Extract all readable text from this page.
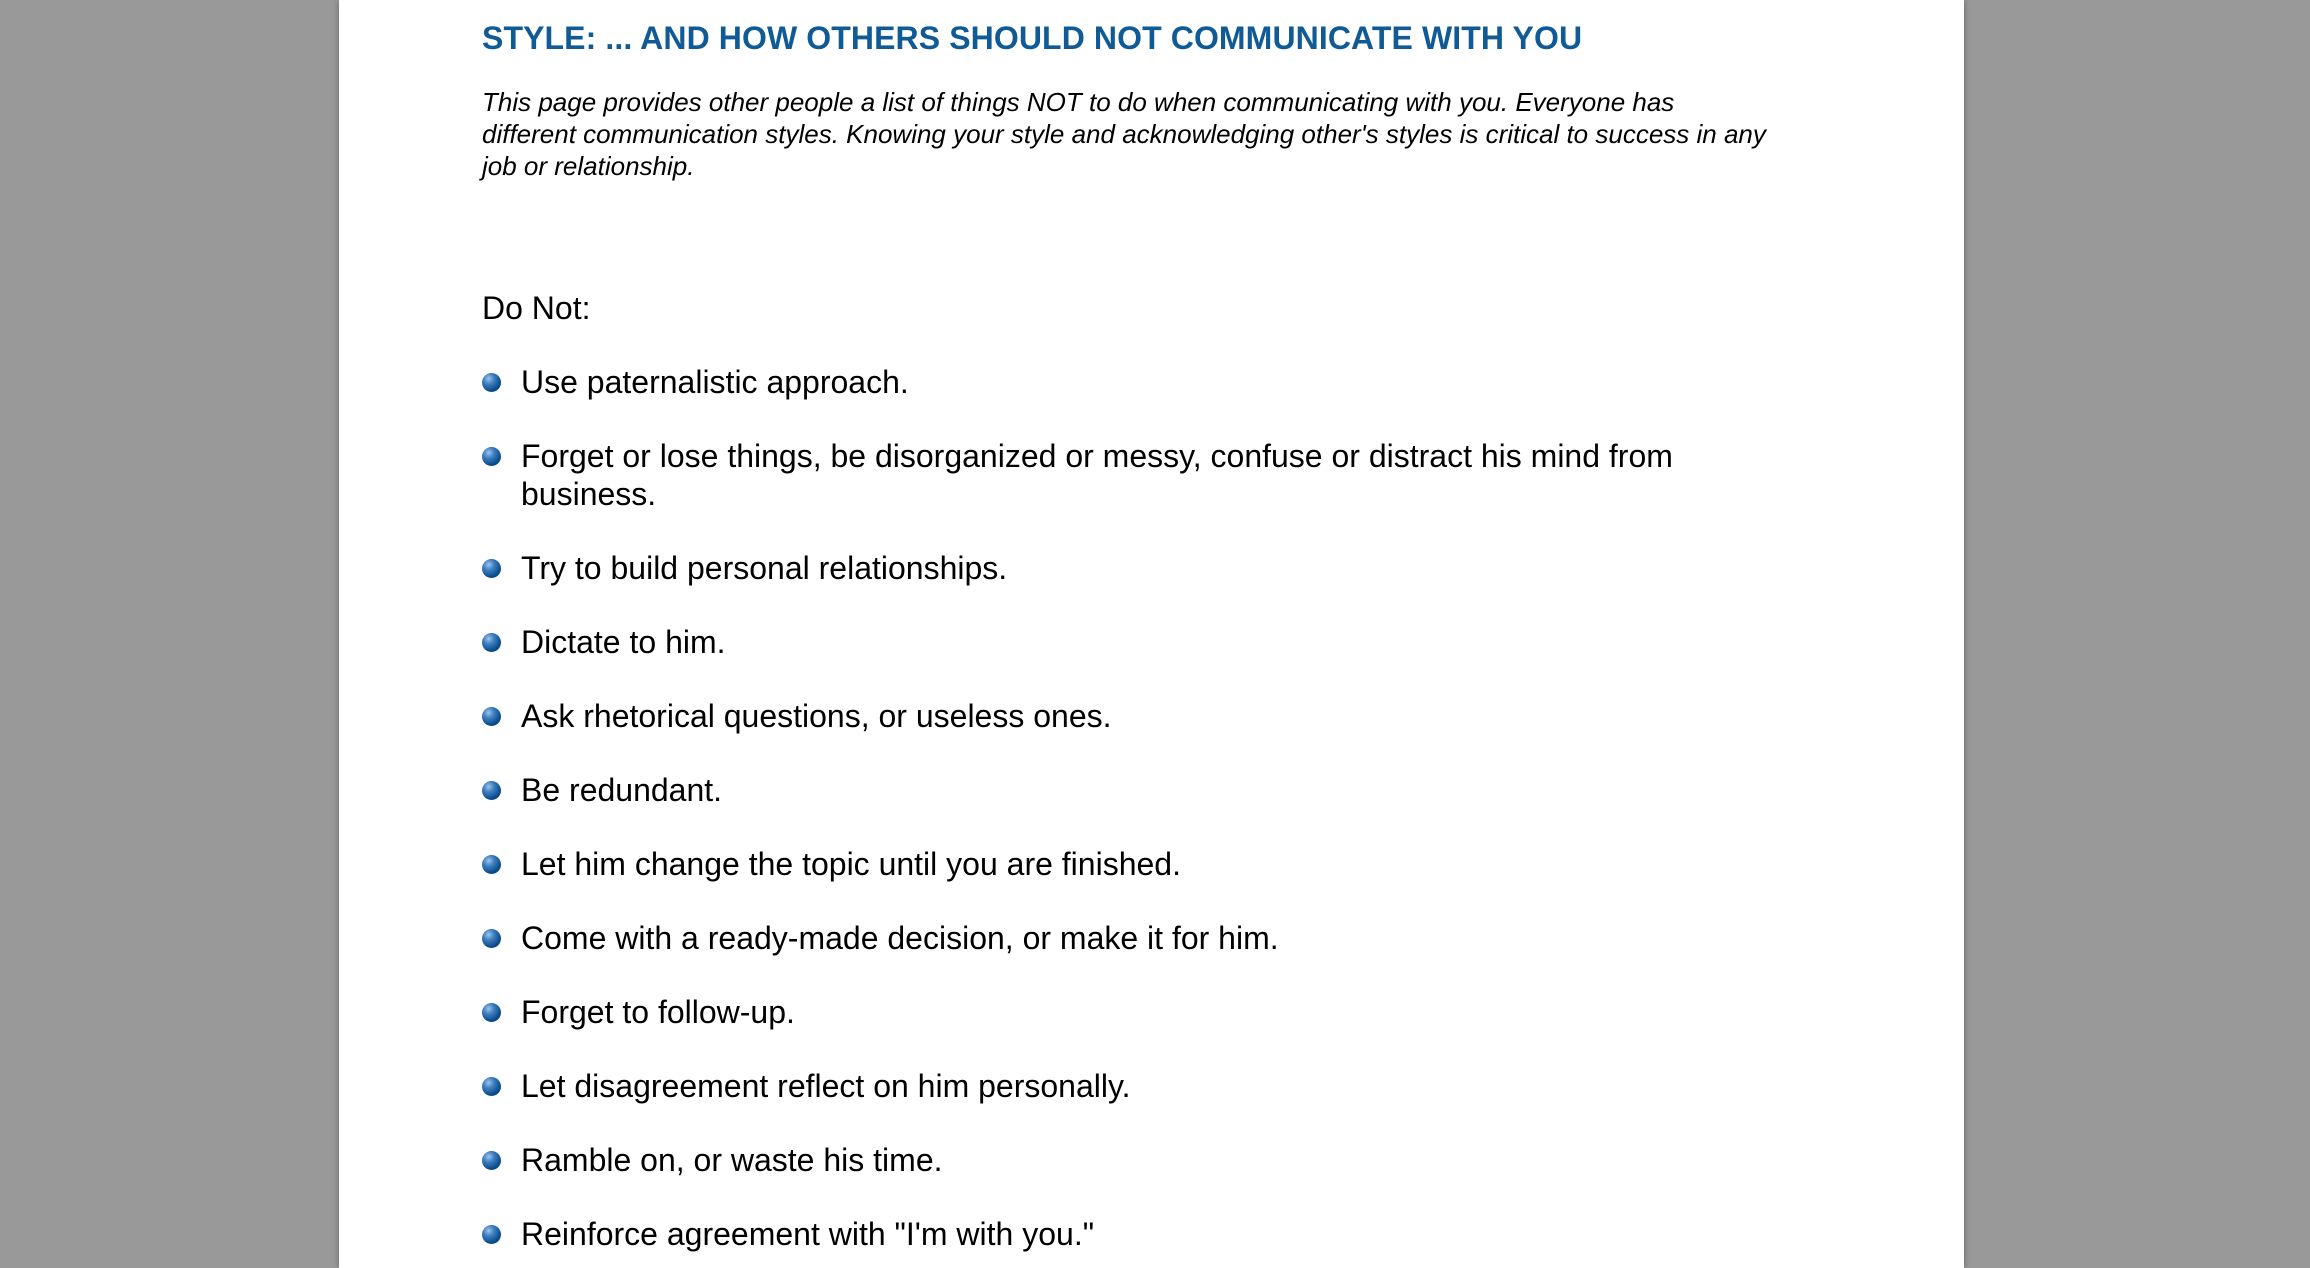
STYLE: ... AND HOW OTHERS SHOULD NOT COMMUNICATE WITH YOU

This page provides other people a list of things NOT to do when communicating with you. Everyone has
different communication styles. Knowing your style and acknowledging other's styles is critical to success in any
job or relationship.

Do Not:

Use paternalistic approach.
Forget or lose things, be disorganized or messy, confuse or distract his mind from business.
Try to build personal relationships.
Dictate to him.
Ask rhetorical questions, or useless ones.
Be redundant.
Let him change the topic until you are finished.
Come with a ready-made decision, or make it for him.
Forget to follow-up.
Let disagreement reflect on him personally.
Ramble on, or waste his time.
Reinforce agreement with "I'm with you."
